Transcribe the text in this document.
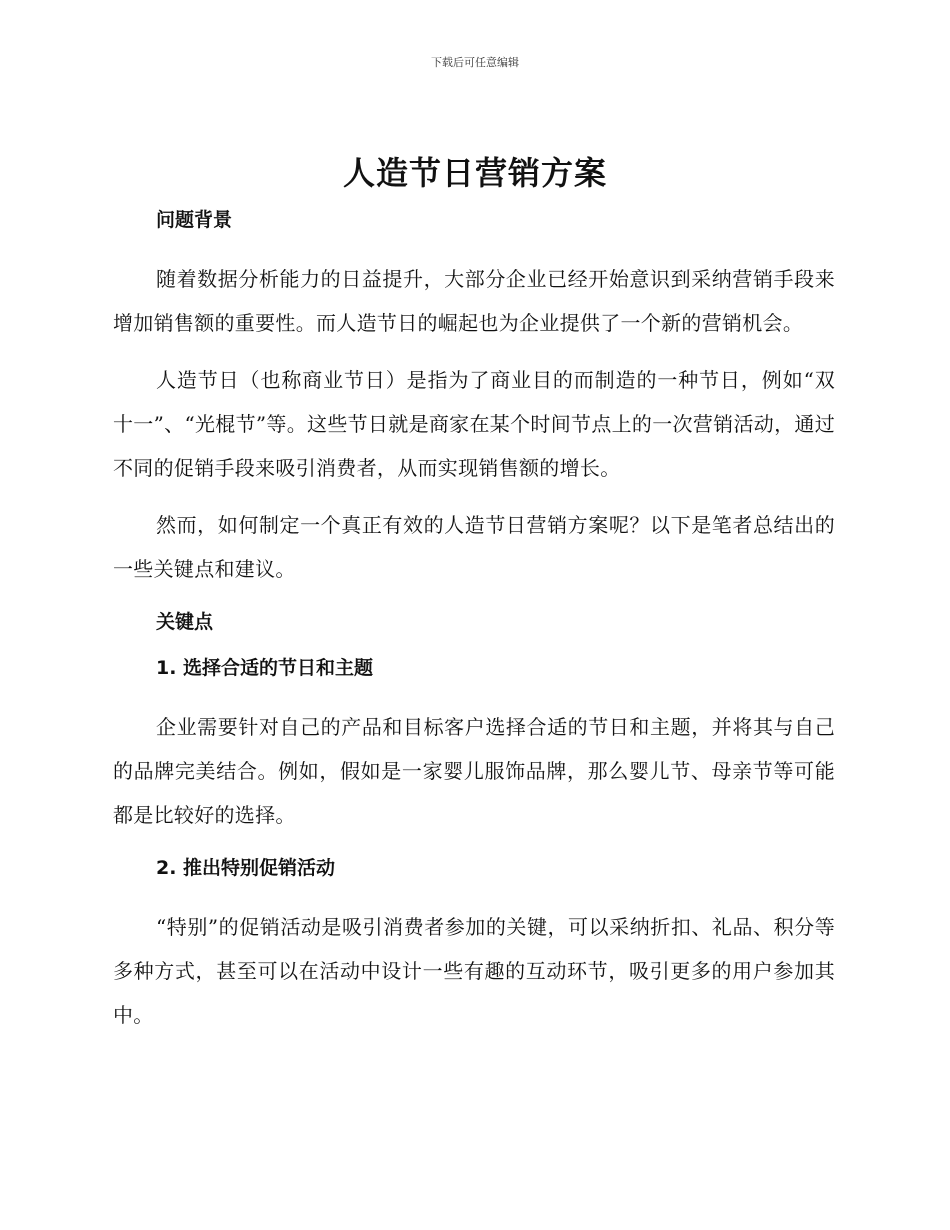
下载后可任意编辑
人造节日营销方案
问题背景

随着数据分析能力的日益提升，大部分企业已经开始意识到采纳营销手段来增加销售额的重要性。而人造节日的崛起也为企业提供了一个新的营销机会。

人造节日（也称商业节日）是指为了商业目的而制造的一种节日，例如“双十一”、“光棍节”等。这些节日就是商家在某个时间节点上的一次营销活动，通过不同的促销手段来吸引消费者，从而实现销售额的增长。

然而，如何制定一个真正有效的人造节日营销方案呢？以下是笔者总结出的一些关键点和建议。

关键点
1. 选择合适的节日和主题

企业需要针对自己的产品和目标客户选择合适的节日和主题，并将其与自己的品牌完美结合。例如，假如是一家婴儿服饰品牌，那么婴儿节、母亲节等可能都是比较好的选择。

2. 推出特别促销活动

“特别”的促销活动是吸引消费者参加的关键，可以采纳折扣、礼品、积分等多种方式，甚至可以在活动中设计一些有趣的互动环节，吸引更多的用户参加其中。
